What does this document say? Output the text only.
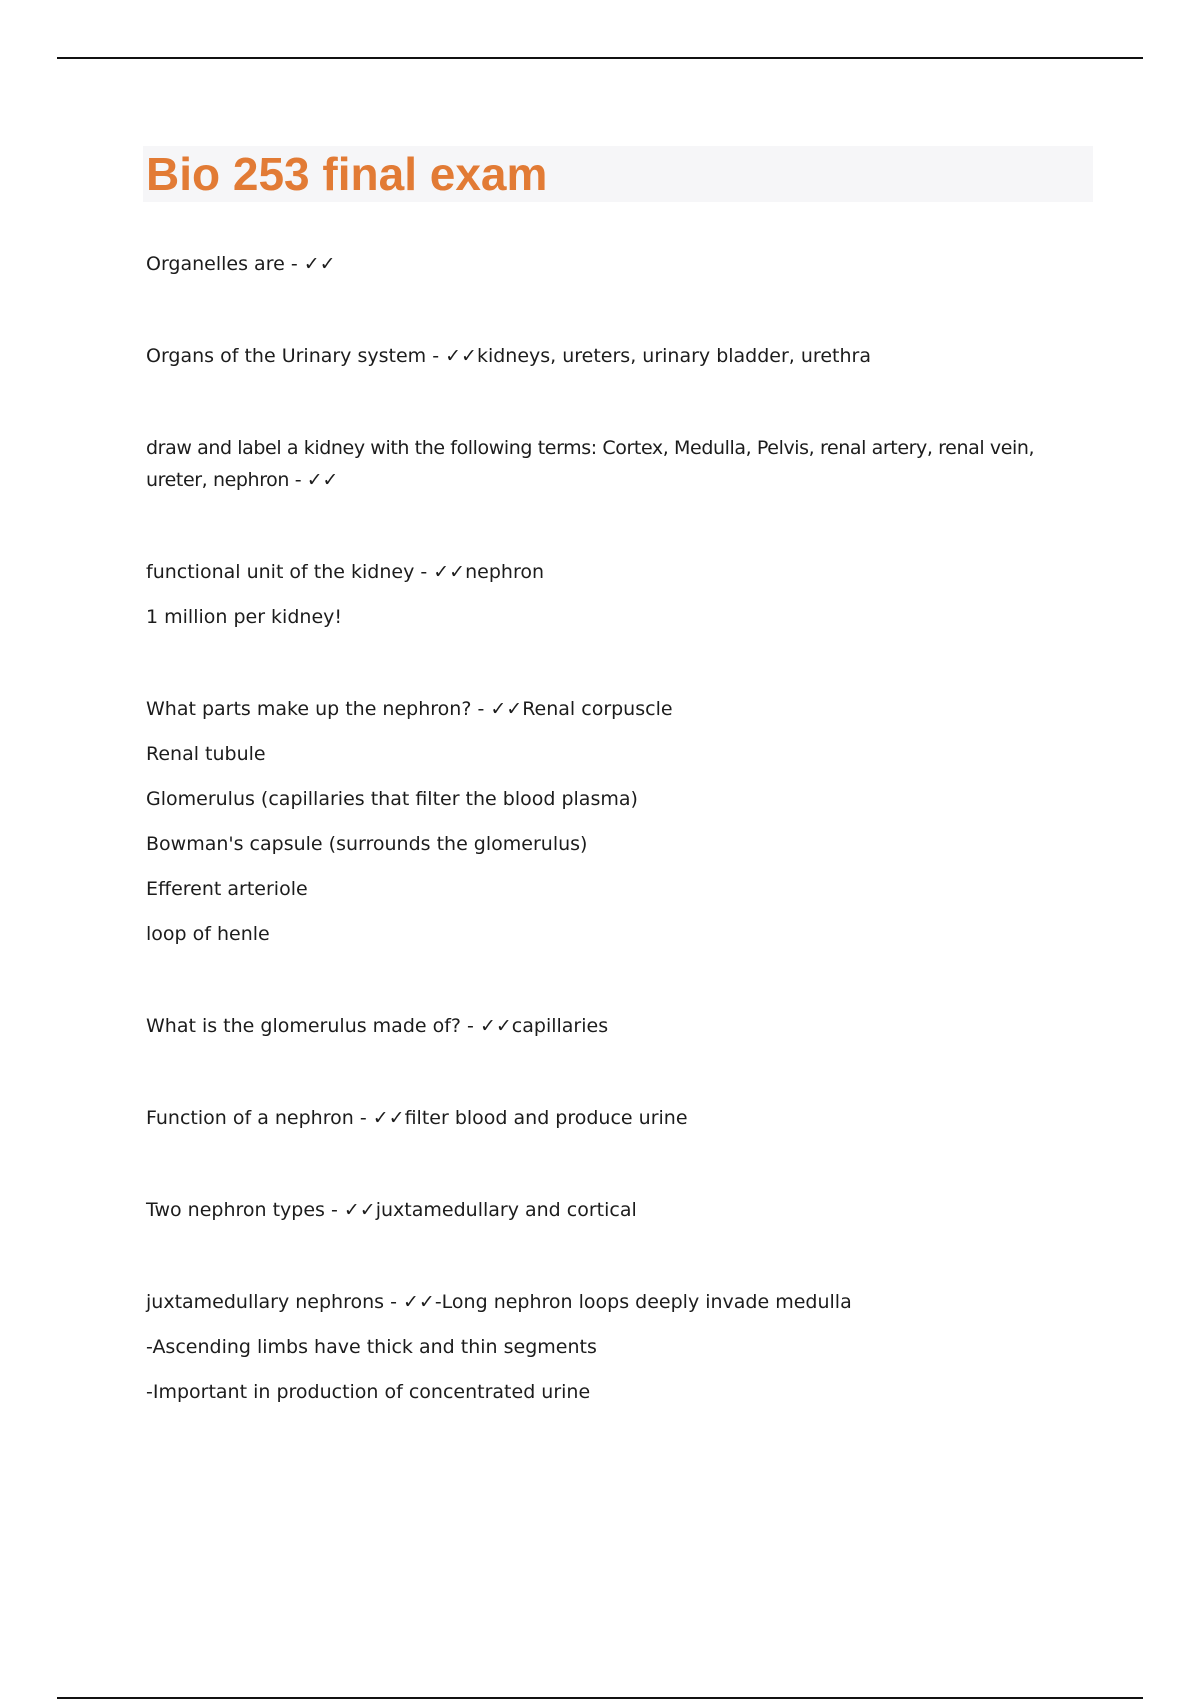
Bio 253 final exam

Organelles are - ✓✓

Organs of the Urinary system - ✓✓kidneys, ureters, urinary bladder, urethra

draw and label a kidney with the following terms: Cortex, Medulla, Pelvis, renal artery, renal vein, ureter, nephron - ✓✓

functional unit of the kidney - ✓✓nephron

1 million per kidney!

What parts make up the nephron? - ✓✓Renal corpuscle

Renal tubule

Glomerulus (capillaries that filter the blood plasma)

Bowman's capsule (surrounds the glomerulus)

Efferent arteriole

loop of henle

What is the glomerulus made of? - ✓✓capillaries

Function of a nephron - ✓✓filter blood and produce urine

Two nephron types - ✓✓juxtamedullary and cortical

juxtamedullary nephrons - ✓✓-Long nephron loops deeply invade medulla

-Ascending limbs have thick and thin segments

-Important in production of concentrated urine
